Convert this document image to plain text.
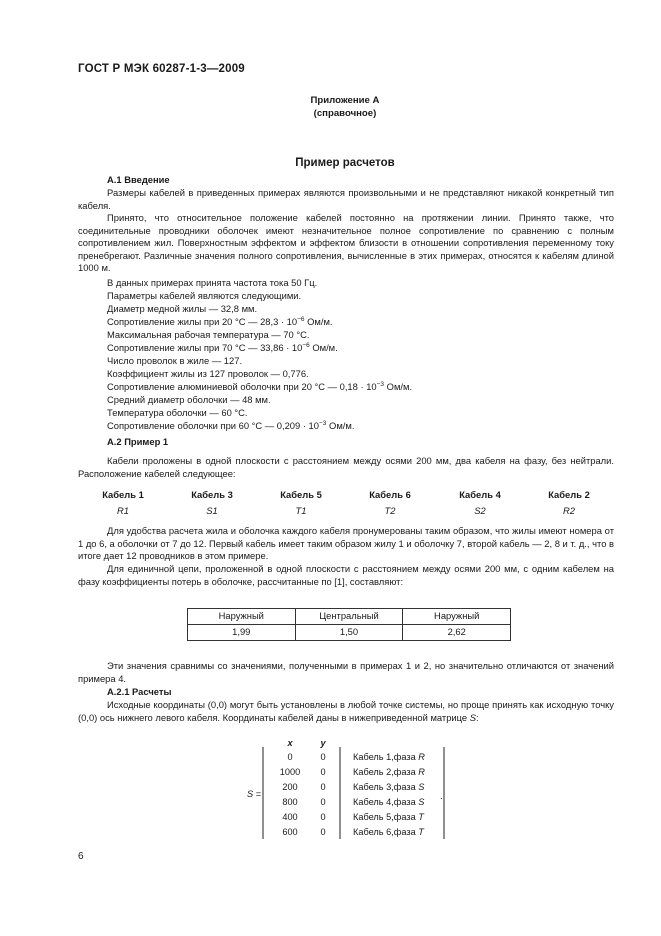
ГОСТ Р МЭК 60287-1-3—2009
Приложение А
(справочное)
Пример расчетов
А.1 Введение
Размеры кабелей в приведенных примерах являются произвольными и не представляют никакой конкретный тип кабеля.
Принято, что относительное положение кабелей постоянно на протяжении линии. Принято также, что соединительные проводники оболочек имеют незначительное полное сопротивление по сравнению с полным сопротивлением жил. Поверхностным эффектом и эффектом близости в отношении сопротивления переменному току пренебрегают. Различные значения полного сопротивления, вычисленные в этих примерах, относятся к кабелям длиной 1000 м.
В данных примерах принята частота тока 50 Гц.
Параметры кабелей являются следующими.
Диаметр медной жилы — 32,8 мм.
Сопротивление жилы при 20 °С — $28,3 \cdot 10^{-6}$ Ом/м.
Максимальная рабочая температура — 70 °С.
Сопротивление жилы при 70 °С — $33,86 \cdot 10^{-6}$ Ом/м.
Число проволок в жиле — 127.
Коэффициент жилы из 127 проволок — 0,776.
Сопротивление алюминиевой оболочки при 20 °С — $0,18 \cdot 10^{-3}$ Ом/м.
Средний диаметр оболочки — 48 мм.
Температура оболочки — 60 °С.
Сопротивление оболочки при 60 °С — $0,209 \cdot 10^{-3}$ Ом/м.
А.2 Пример 1
Кабели проложены в одной плоскости с расстоянием между осями 200 мм, два кабеля на фазу, без нейтрали. Расположение кабелей следующее:
Кабель 1	Кабель 3	Кабель 5	Кабель 6	Кабель 4	Кабель 2
R1	S1	T1	T2	S2	R2
Для удобства расчета жила и оболочка каждого кабеля пронумерованы таким образом, что жилы имеют номера от 1 до 6, а оболочки от 7 до 12. Первый кабель имеет таким образом жилу 1 и оболочку 7, второй кабель — 2, 8 и т. д., что в итоге дает 12 проводников в этом примере.
Для единичной цепи, проложенной в одной плоскости с расстоянием между осями 200 мм, с одним кабелем на фазу коэффициенты потерь в оболочке, рассчитанные по [1], составляют:
Наружный	Центральный	Наружный
1,99	1,50	2,62
Эти значения сравнимы со значениями, полученными в примерах 1 и 2, но значительно отличаются от значений примера 4.
А.2.1 Расчеты
Исходные координаты (0,0) могут быть установлены в любой точке системы, но проще принять как исходную точку (0,0) ось нижнего левого кабеля. Координаты кабелей даны в нижеприведенной матрице S:
S =
x	y
0	0	Кабель 1,фаза R
1000	0	Кабель 2,фаза R
200	0	Кабель 3,фаза S
800	0	Кабель 4,фаза S
400	0	Кабель 5,фаза T
600	0	Кабель 6,фаза T
.
6
